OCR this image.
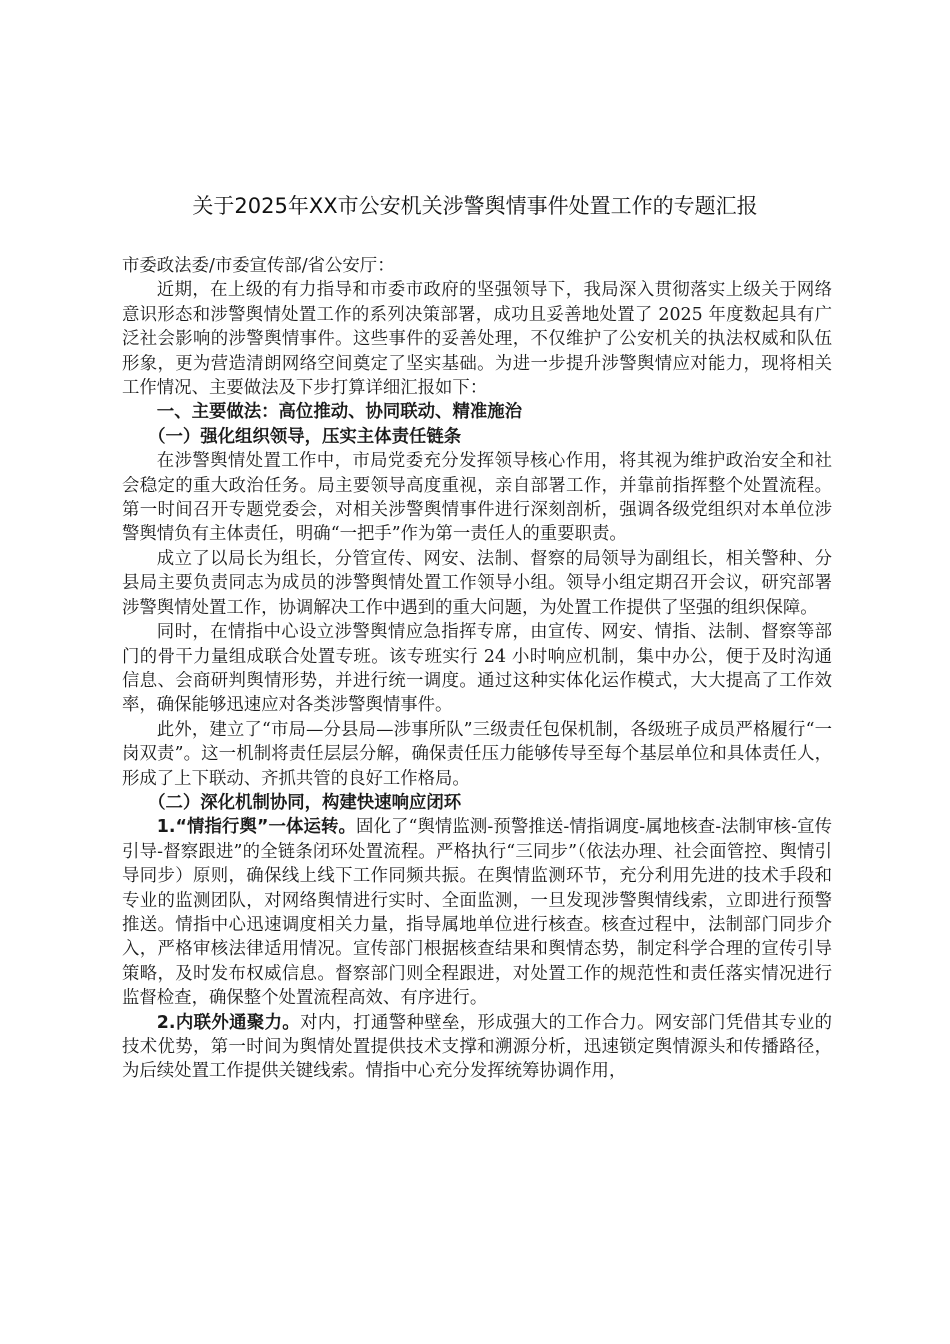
关于2025年XX市公安机关涉警舆情事件处置工作的专题汇报

市委政法委/市委宣传部/省公安厅：

近期，在上级的有力指导和市委市政府的坚强领导下，我局深入贯彻落实上级关于网络意识形态和涉警舆情处置工作的系列决策部署，成功且妥善地处置了 2025 年度数起具有广泛社会影响的涉警舆情事件。这些事件的妥善处理，不仅维护了公安机关的执法权威和队伍形象，更为营造清朗网络空间奠定了坚实基础。为进一步提升涉警舆情应对能力，现将相关工作情况、主要做法及下步打算详细汇报如下：

一、主要做法：高位推动、协同联动、精准施治

（一）强化组织领导，压实主体责任链条

在涉警舆情处置工作中，市局党委充分发挥领导核心作用，将其视为维护政治安全和社会稳定的重大政治任务。局主要领导高度重视，亲自部署工作，并靠前指挥整个处置流程。第一时间召开专题党委会，对相关涉警舆情事件进行深刻剖析，强调各级党组织对本单位涉警舆情负有主体责任，明确“一把手”作为第一责任人的重要职责。

成立了以局长为组长，分管宣传、网安、法制、督察的局领导为副组长，相关警种、分县局主要负责同志为成员的涉警舆情处置工作领导小组。领导小组定期召开会议，研究部署涉警舆情处置工作，协调解决工作中遇到的重大问题，为处置工作提供了坚强的组织保障。

同时，在情指中心设立涉警舆情应急指挥专席，由宣传、网安、情指、法制、督察等部门的骨干力量组成联合处置专班。该专班实行 24 小时响应机制，集中办公，便于及时沟通信息、会商研判舆情形势，并进行统一调度。通过这种实体化运作模式，大大提高了工作效率，确保能够迅速应对各类涉警舆情事件。

此外，建立了“市局—分县局—涉事所队”三级责任包保机制，各级班子成员严格履行“一岗双责”。这一机制将责任层层分解，确保责任压力能够传导至每个基层单位和具体责任人，形成了上下联动、齐抓共管的良好工作格局。

（二）深化机制协同，构建快速响应闭环

1.“情指行舆”一体运转。固化了“舆情监测-预警推送-情指调度-属地核查-法制审核-宣传引导-督察跟进”的全链条闭环处置流程。严格执行“三同步”（依法办理、社会面管控、舆情引导同步）原则，确保线上线下工作同频共振。在舆情监测环节，充分利用先进的技术手段和专业的监测团队，对网络舆情进行实时、全面监测，一旦发现涉警舆情线索，立即进行预警推送。情指中心迅速调度相关力量，指导属地单位进行核查。核查过程中，法制部门同步介入，严格审核法律适用情况。宣传部门根据核查结果和舆情态势，制定科学合理的宣传引导策略，及时发布权威信息。督察部门则全程跟进，对处置工作的规范性和责任落实情况进行监督检查，确保整个处置流程高效、有序进行。

2.内联外通聚力。对内，打通警种壁垒，形成强大的工作合力。网安部门凭借其专业的技术优势，第一时间为舆情处置提供技术支撑和溯源分析，迅速锁定舆情源头和传播路径，为后续处置工作提供关键线索。情指中心充分发挥统筹协调作用，
